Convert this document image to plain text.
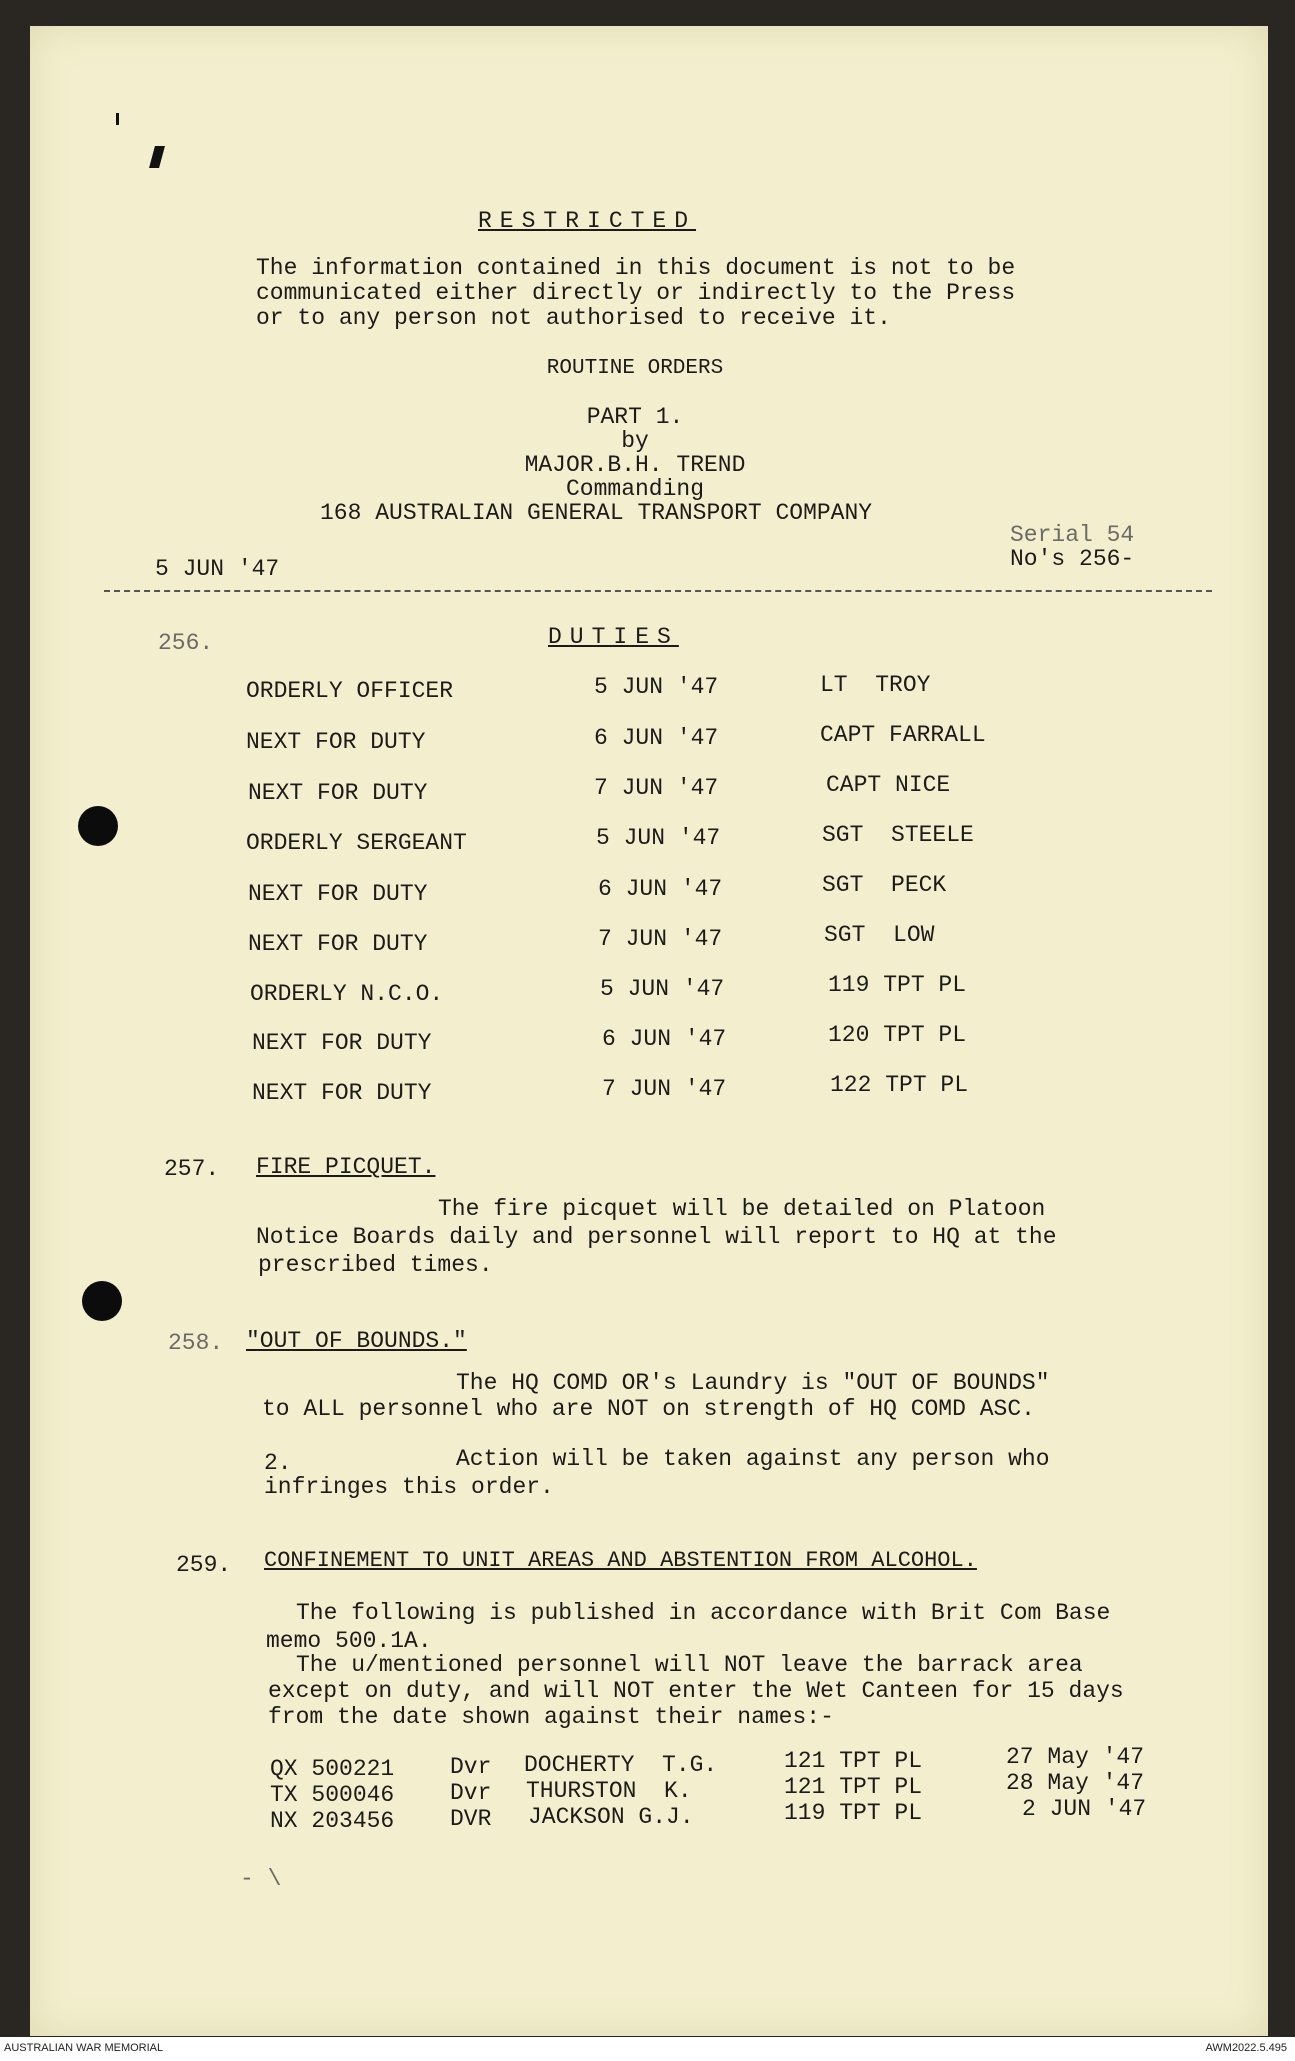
RESTRICTED
The information contained in this document is not to be
communicated either directly or indirectly to the Press
or to any person not authorised to receive it.
ROUTINE ORDERS
PART 1.
by
MAJOR.B.H. TREND
Commanding
168 AUSTRALIAN GENERAL TRANSPORT COMPANY
5 JUN '47
Serial 54
No's 256-
256.	DUTIES
ORDERLY OFFICER	5 JUN '47	LT  TROY
NEXT FOR DUTY	6 JUN '47	CAPT FARRALL
NEXT FOR DUTY	7 JUN '47	CAPT NICE
ORDERLY SERGEANT	5 JUN '47	SGT  STEELE
NEXT FOR DUTY	6 JUN '47	SGT  PECK
NEXT FOR DUTY	7 JUN '47	SGT  LOW
ORDERLY N.C.O.	5 JUN '47	119 TPT PL
NEXT FOR DUTY	6 JUN '47	120 TPT PL
NEXT FOR DUTY	7 JUN '47	122 TPT PL
257. FIRE PICQUET.
The fire picquet will be detailed on Platoon
Notice Boards daily and personnel will report to HQ at the
prescribed times.
258. "OUT OF BOUNDS."
The HQ COMD OR's Laundry is "OUT OF BOUNDS"
to ALL personnel who are NOT on strength of HQ COMD ASC.
2.	Action will be taken against any person who
infringes this order.
259. CONFINEMENT TO UNIT AREAS AND ABSTENTION FROM ALCOHOL.
The following is published in accordance with Brit Com Base
memo 500.1A.
The u/mentioned personnel will NOT leave the barrack area
except on duty, and will NOT enter the Wet Canteen for 15 days
from the date shown against their names:-
QX 500221 Dvr DOCHERTY  T.G.	121 TPT PL	27 May '47
TX 500046 Dvr THURSTON  K.	121 TPT PL	28 May '47
NX 203456 DVR JACKSON G.J.	119 TPT PL	2 JUN '47
- \
AUSTRALIAN WAR MEMORIAL	AWM2022.5.495
